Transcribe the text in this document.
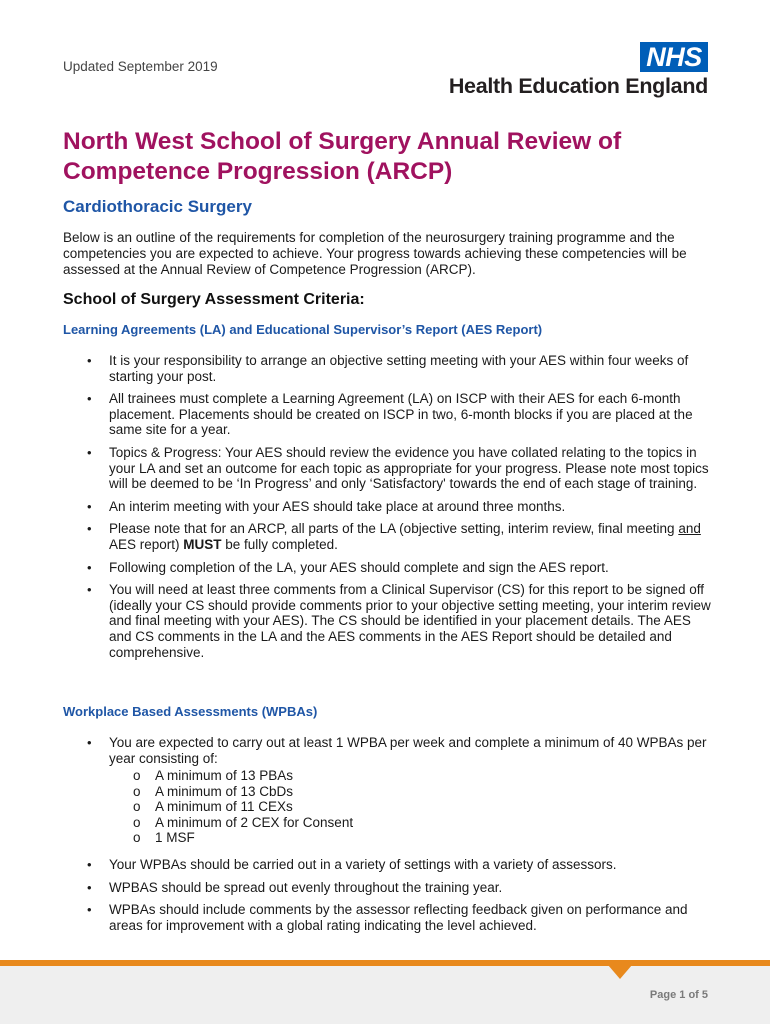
Updated September 2019	NHS
Health Education England
North West School of Surgery Annual Review of Competence Progression (ARCP)
Cardiothoracic Surgery

Below is an outline of the requirements for completion of the neurosurgery training programme and the competencies you are expected to achieve. Your progress towards achieving these competencies will be assessed at the Annual Review of Competence Progression (ARCP).

School of Surgery Assessment Criteria:
Learning Agreements (LA) and Educational Supervisor’s Report (AES Report)
• It is your responsibility to arrange an objective setting meeting with your AES within four weeks of starting your post.
• All trainees must complete a Learning Agreement (LA) on ISCP with their AES for each 6-month placement. Placements should be created on ISCP in two, 6-month blocks if you are placed at the same site for a year.
• Topics & Progress: Your AES should review the evidence you have collated relating to the topics in your LA and set an outcome for each topic as appropriate for your progress. Please note most topics will be deemed to be ‘In Progress’ and only ‘Satisfactory' towards the end of each stage of training.
• An interim meeting with your AES should take place at around three months.
• Please note that for an ARCP, all parts of the LA (objective setting, interim review, final meeting and AES report) MUST be fully completed.
• Following completion of the LA, your AES should complete and sign the AES report.
• You will need at least three comments from a Clinical Supervisor (CS) for this report to be signed off (ideally your CS should provide comments prior to your objective setting meeting, your interim review and final meeting with your AES). The CS should be identified in your placement details. The AES and CS comments in the LA and the AES comments in the AES Report should be detailed and comprehensive.
Workplace Based Assessments (WPBAs)
• You are expected to carry out at least 1 WPBA per week and complete a minimum of 40 WPBAs per year consisting of:
o A minimum of 13 PBAs
o A minimum of 13 CbDs
o A minimum of 11 CEXs
o A minimum of 2 CEX for Consent
o 1 MSF
• Your WPBAs should be carried out in a variety of settings with a variety of assessors.
• WPBAS should be spread out evenly throughout the training year.
• WPBAs should include comments by the assessor reflecting feedback given on performance and areas for improvement with a global rating indicating the level achieved.
Page 1 of 5
